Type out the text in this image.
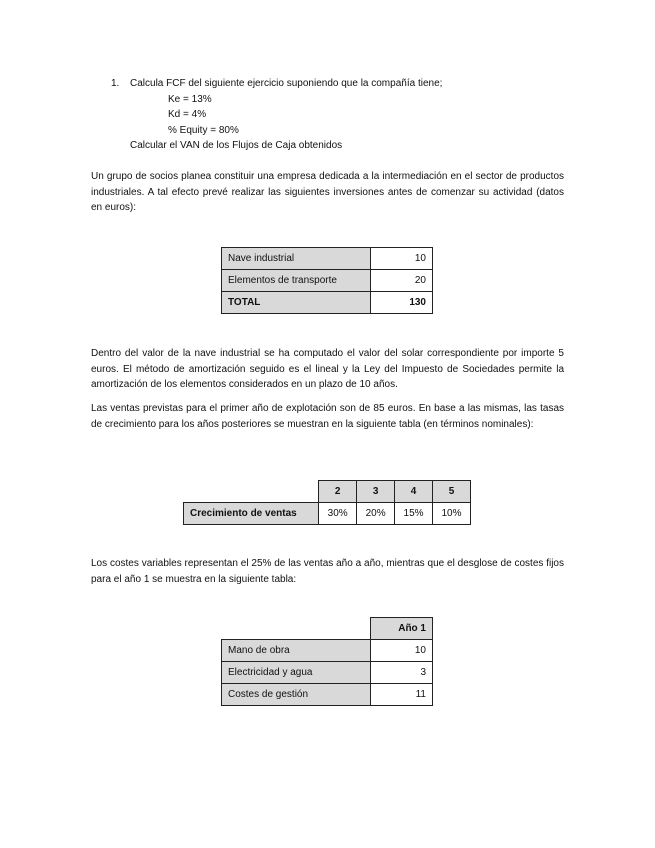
1. Calcula FCF del siguiente ejercicio suponiendo que la compañía tiene;
Ke = 13%
Kd = 4%
% Equity = 80%
Calcular el VAN de los Flujos de Caja obtenidos
Un grupo de socios planea constituir una empresa dedicada a la intermediación en el sector de productos industriales. A tal efecto prevé realizar las siguientes inversiones antes de comenzar su actividad (datos en euros):
Nave industrial	10
Elementos de transporte	20
TOTAL	130
Dentro del valor de la nave industrial se ha computado el valor del solar correspondiente por importe 5 euros. El método de amortización seguido es el lineal y la Ley del Impuesto de Sociedades permite la amortización de los elementos considerados en un plazo de 10 años.
Las ventas previstas para el primer año de explotación son de 85 euros. En base a las mismas, las tasas de crecimiento para los años posteriores se muestran en la siguiente tabla (en términos nominales):
	2	3	4	5
Crecimiento de ventas	30%	20%	15%	10%
Los costes variables representan el 25% de las ventas año a año, mientras que el desglose de costes fijos para el año 1 se muestra en la siguiente tabla:
	Año 1
Mano de obra	10
Electricidad y agua	3
Costes de gestión	11
